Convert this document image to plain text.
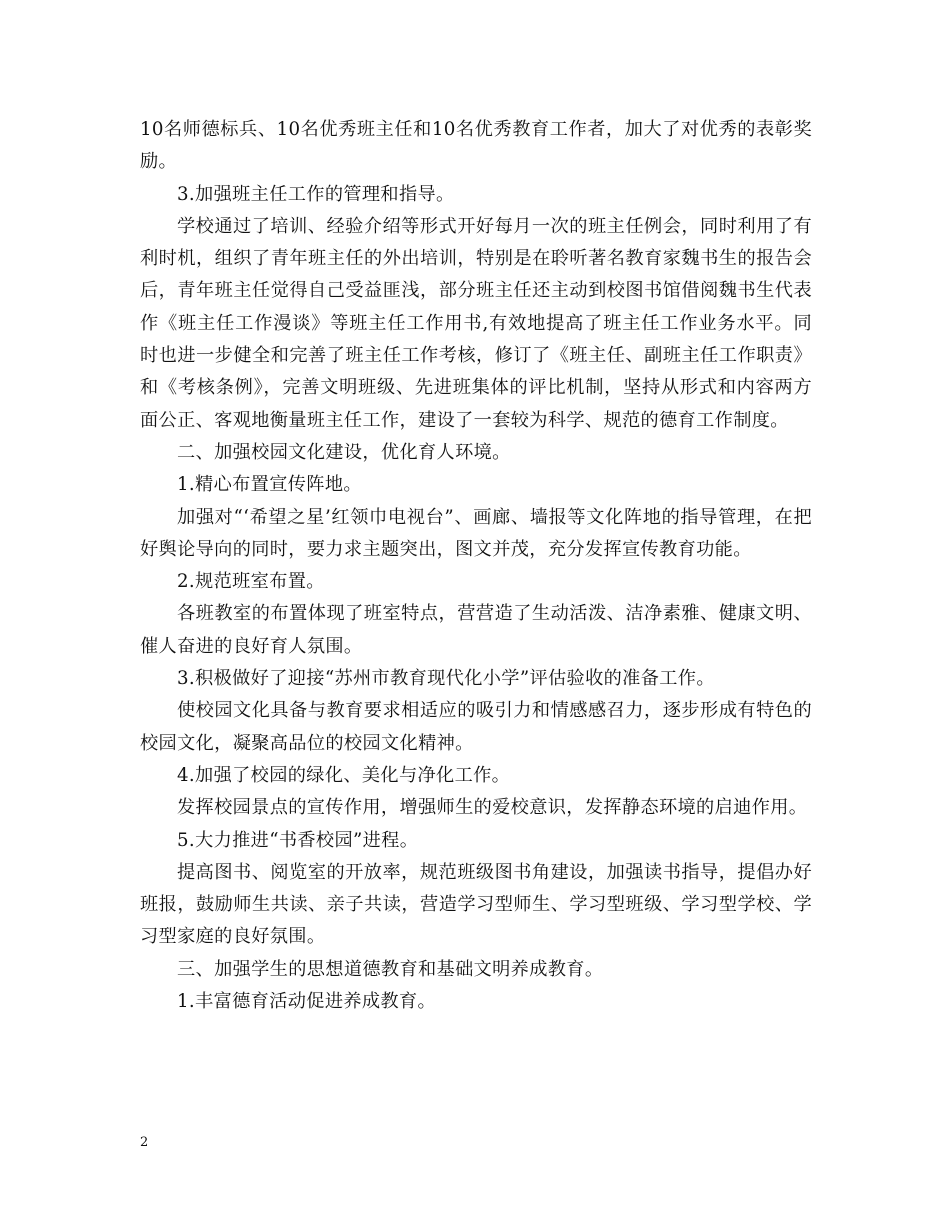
10名师德标兵、10名优秀班主任和10名优秀教育工作者，加大了对优秀的表彰奖励。

3.加强班主任工作的管理和指导。

学校通过了培训、经验介绍等形式开好每月一次的班主任例会，同时利用了有利时机，组织了青年班主任的外出培训，特别是在聆听著名教育家魏书生的报告会后，青年班主任觉得自己受益匪浅，部分班主任还主动到校图书馆借阅魏书生代表作《班主任工作漫谈》等班主任工作用书,有效地提高了班主任工作业务水平。同时也进一步健全和完善了班主任工作考核，修订了《班主任、副班主任工作职责》和《考核条例》，完善文明班级、先进班集体的评比机制，坚持从形式和内容两方面公正、客观地衡量班主任工作，建设了一套较为科学、规范的德育工作制度。

二、加强校园文化建设，优化育人环境。

1.精心布置宣传阵地。

加强对“‘希望之星’红领巾电视台”、画廊、墙报等文化阵地的指导管理，在把好舆论导向的同时，要力求主题突出，图文并茂，充分发挥宣传教育功能。

2.规范班室布置。

各班教室的布置体现了班室特点，营营造了生动活泼、洁净素雅、健康文明、催人奋进的良好育人氛围。

3.积极做好了迎接“苏州市教育现代化小学”评估验收的准备工作。

使校园文化具备与教育要求相适应的吸引力和情感感召力，逐步形成有特色的校园文化，凝聚高品位的校园文化精神。

4.加强了校园的绿化、美化与净化工作。

发挥校园景点的宣传作用，增强师生的爱校意识，发挥静态环境的启迪作用。

5.大力推进“书香校园”进程。

提高图书、阅览室的开放率，规范班级图书角建设，加强读书指导，提倡办好班报，鼓励师生共读、亲子共读，营造学习型师生、学习型班级、学习型学校、学习型家庭的良好氛围。

三、加强学生的思想道德教育和基础文明养成教育。

1.丰富德育活动促进养成教育。

2
